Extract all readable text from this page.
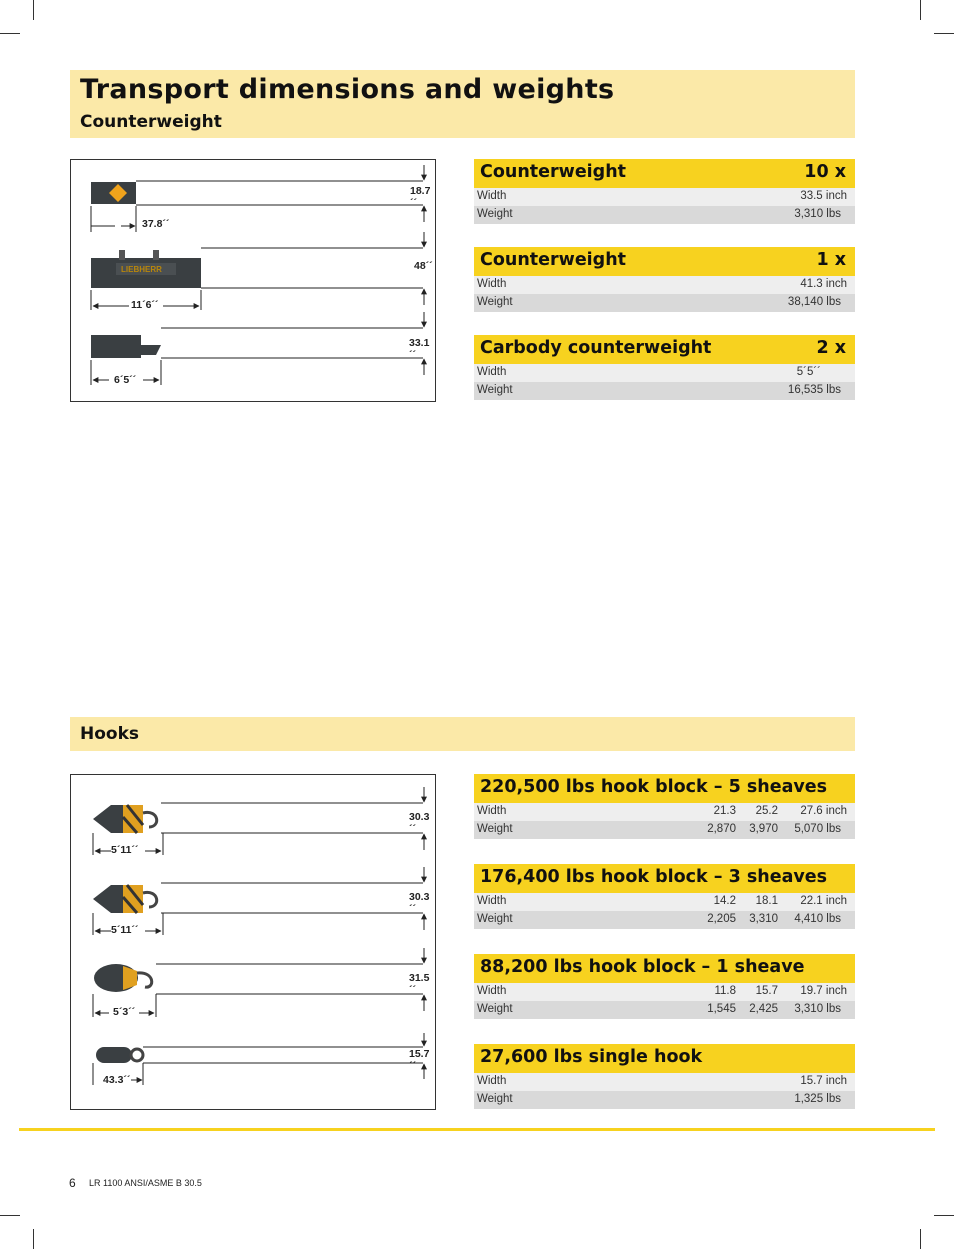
Transport dimensions and weights
Counterweight
LIEBHERR
18.7´´
37.8´´
48´´
11´6´´
33.1´´
6´5´´
Counterweight	10 x
Width	33.5 inch
Weight	3,310 lbs
Counterweight	1 x
Width	41.3 inch
Weight	38,140 lbs
Carbody counterweight	2 x
Width	5´5´´
Weight	16,535 lbs
Hooks
30.3´´
5´11´´
30.3´´
5´11´´
31.5´´
5´3´´
15.7´´
43.3´´
220,500 lbs hook block – 5 sheaves
Width	21.3 25.2 27.6 inch
Weight	2,870 3,970 5,070 lbs
176,400 lbs hook block – 3 sheaves
Width	14.2 18.1 22.1 inch
Weight	2,205 3,310 4,410 lbs
88,200 lbs hook block – 1 sheave
Width	11.8 15.7 19.7 inch
Weight	1,545 2,425 3,310 lbs
27,600 lbs single hook
Width	15.7 inch
Weight	1,325 lbs
6 LR 1100 ANSI/ASME B 30.5
